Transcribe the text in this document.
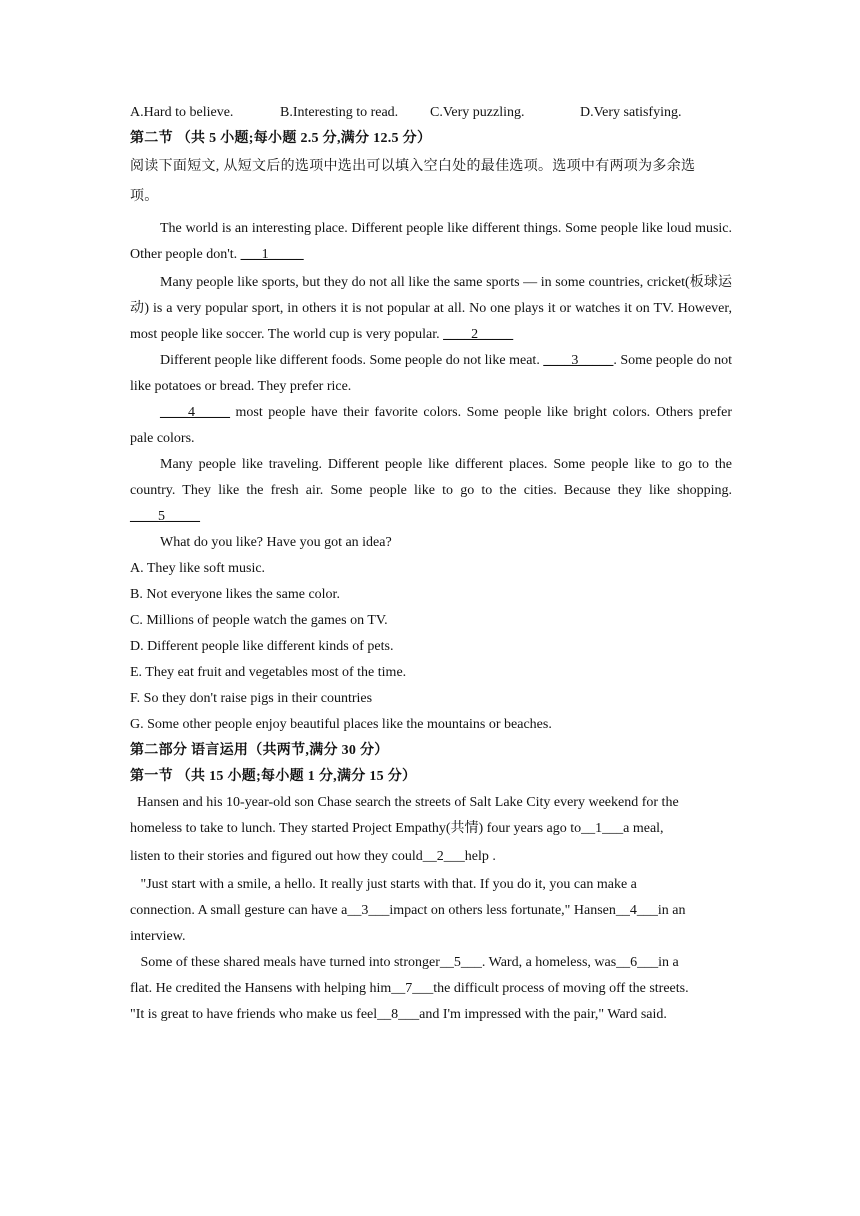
A.Hard to believe.	B.Interesting to read.	C.Very puzzling.	D.Very satisfying.
第二节 （共 5 小题;每小题 2.5 分,满分 12.5 分）
阅读下面短文, 从短文后的选项中选出可以填入空白处的最佳选项。选项中有两项为多余选
项。
The world is an interesting place. Different people like different things. Some people like loud music. Other people don't. ___1_____
Many people like sports, but they do not all like the same sports — in some countries, cricket(板球运动) is a very popular sport, in others it is not popular at all. No one plays it or watches it on TV. However, most people like soccer. The world cup is very popular. ____2_____
Different people like different foods. Some people do not like meat. ____3_____. Some people do not like potatoes or bread. They prefer rice.
____4_____ most people have their favorite colors. Some people like bright colors. Others prefer pale colors.
Many people like traveling. Different people like different places. Some people like to go to the country. They like the fresh air. Some people like to go to the cities. Because they like shopping. ____5_____
What do you like? Have you got an idea?
A. They like soft music.
B. Not everyone likes the same color.
C. Millions of people watch the games on TV.
D. Different people like different kinds of pets.
E. They eat fruit and vegetables most of the time.
F. So they don't raise pigs in their countries
G. Some other people enjoy beautiful places like the mountains or beaches.
第二部分 语言运用（共两节,满分 30 分）
第一节 （共 15 小题;每小题 1 分,满分 15 分）
Hansen and his 10-year-old son Chase search the streets of Salt Lake City every weekend for the
homeless to take to lunch. They started Project Empathy(共情) four years ago to__1___a meal,
listen to their stories and figured out how they could__2___help .
"Just start with a smile, a hello. It really just starts with that. If you do it, you can make a
connection. A small gesture can have a__3___impact on others less fortunate," Hansen__4___in an
interview.
Some of these shared meals have turned into stronger__5___. Ward, a homeless, was__6___in a
flat. He credited the Hansens with helping him__7___the difficult process of moving off the streets.
"It is great to have friends who make us feel__8___and I'm impressed with the pair," Ward said.
